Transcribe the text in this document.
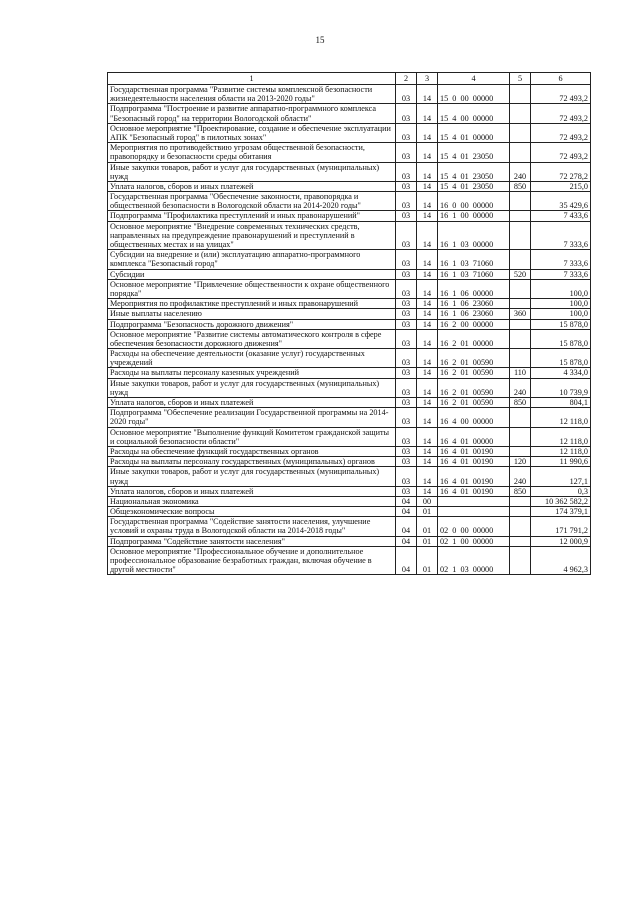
15
1	2	3	4	5	6
Государственная программа "Развитие системы комплексной безопасности жизнедеятельности населения области на 2013-2020 годы"	03	14	15  0  00  00000		72 493,2
Подпрограмма "Построение и развитие аппаратно-программного комплекса "Безопасный город" на территории Вологодской области"	03	14	15  4  00  00000		72 493,2
Основное мероприятие "Проектирование, создание и обеспечение эксплуатации АПК "Безопасный город" в пилотных зонах"	03	14	15  4  01  00000		72 493,2
Мероприятия по противодействию угрозам общественной безопасности, правопорядку и безопасности среды обитания	03	14	15  4  01  23050		72 493,2
Иные закупки товаров, работ и услуг для государственных (муниципальных) нужд	03	14	15  4  01  23050	240	72 278,2
Уплата налогов, сборов и иных платежей	03	14	15  4  01  23050	850	215,0
Государственная программа "Обеспечение законности, правопорядка и общественной безопасности в Вологодской области на 2014-2020 годы"	03	14	16  0  00  00000		35 429,6
Подпрограмма "Профилактика преступлений и иных правонарушений"	03	14	16  1  00  00000		7 433,6
Основное мероприятие "Внедрение современных технических средств, направленных на предупреждение правонарушений и преступлений в общественных местах и на улицах"	03	14	16  1  03  00000		7 333,6
Субсидии на внедрение и (или) эксплуатацию аппаратно-программного комплекса "Безопасный город"	03	14	16  1  03  71060		7 333,6
Субсидии	03	14	16  1  03  71060	520	7 333,6
Основное мероприятие "Привлечение общественности к охране общественного порядка"	03	14	16  1  06  00000		100,0
Мероприятия по профилактике преступлений и иных правонарушений	03	14	16  1  06  23060		100,0
Иные выплаты населению	03	14	16  1  06  23060	360	100,0
Подпрограмма "Безопасность дорожного движения"	03	14	16  2  00  00000		15 878,0
Основное мероприятие "Развитие системы автоматического контроля в сфере обеспечения безопасности дорожного движения"	03	14	16  2  01  00000		15 878,0
Расходы на обеспечение деятельности (оказание услуг) государственных учреждений	03	14	16  2  01  00590		15 878,0
Расходы на выплаты персоналу казенных учреждений	03	14	16  2  01  00590	110	4 334,0
Иные закупки товаров, работ и услуг для государственных (муниципальных) нужд	03	14	16  2  01  00590	240	10 739,9
Уплата налогов, сборов и иных платежей	03	14	16  2  01  00590	850	804,1
Подпрограмма "Обеспечение реализации Государственной программы на 2014-2020 годы"	03	14	16  4  00  00000		12 118,0
Основное мероприятие "Выполнение функций Комитетом гражданской защиты и социальной безопасности области"	03	14	16  4  01  00000		12 118,0
Расходы на обеспечение функций государственных органов	03	14	16  4  01  00190		12 118,0
Расходы на выплаты персоналу государственных (муниципальных) органов	03	14	16  4  01  00190	120	11 990,6
Иные закупки товаров, работ и услуг для государственных (муниципальных) нужд	03	14	16  4  01  00190	240	127,1
Уплата налогов, сборов и иных платежей	03	14	16  4  01  00190	850	0,3
Национальная экономика	04	00			10 362 582,2
Общеэкономические вопросы	04	01			174 379,1
Государственная программа "Содействие занятости населения, улучшение условий и охраны труда в Вологодской области на 2014-2018 годы"	04	01	02  0  00  00000		171 791,2
Подпрограмма "Содействие занятости населения"	04	01	02  1  00  00000		12 000,9
Основное мероприятие "Профессиональное обучение и дополнительное профессиональное образование безработных граждан, включая обучение в другой местности"	04	01	02  1  03  00000		4 962,3
